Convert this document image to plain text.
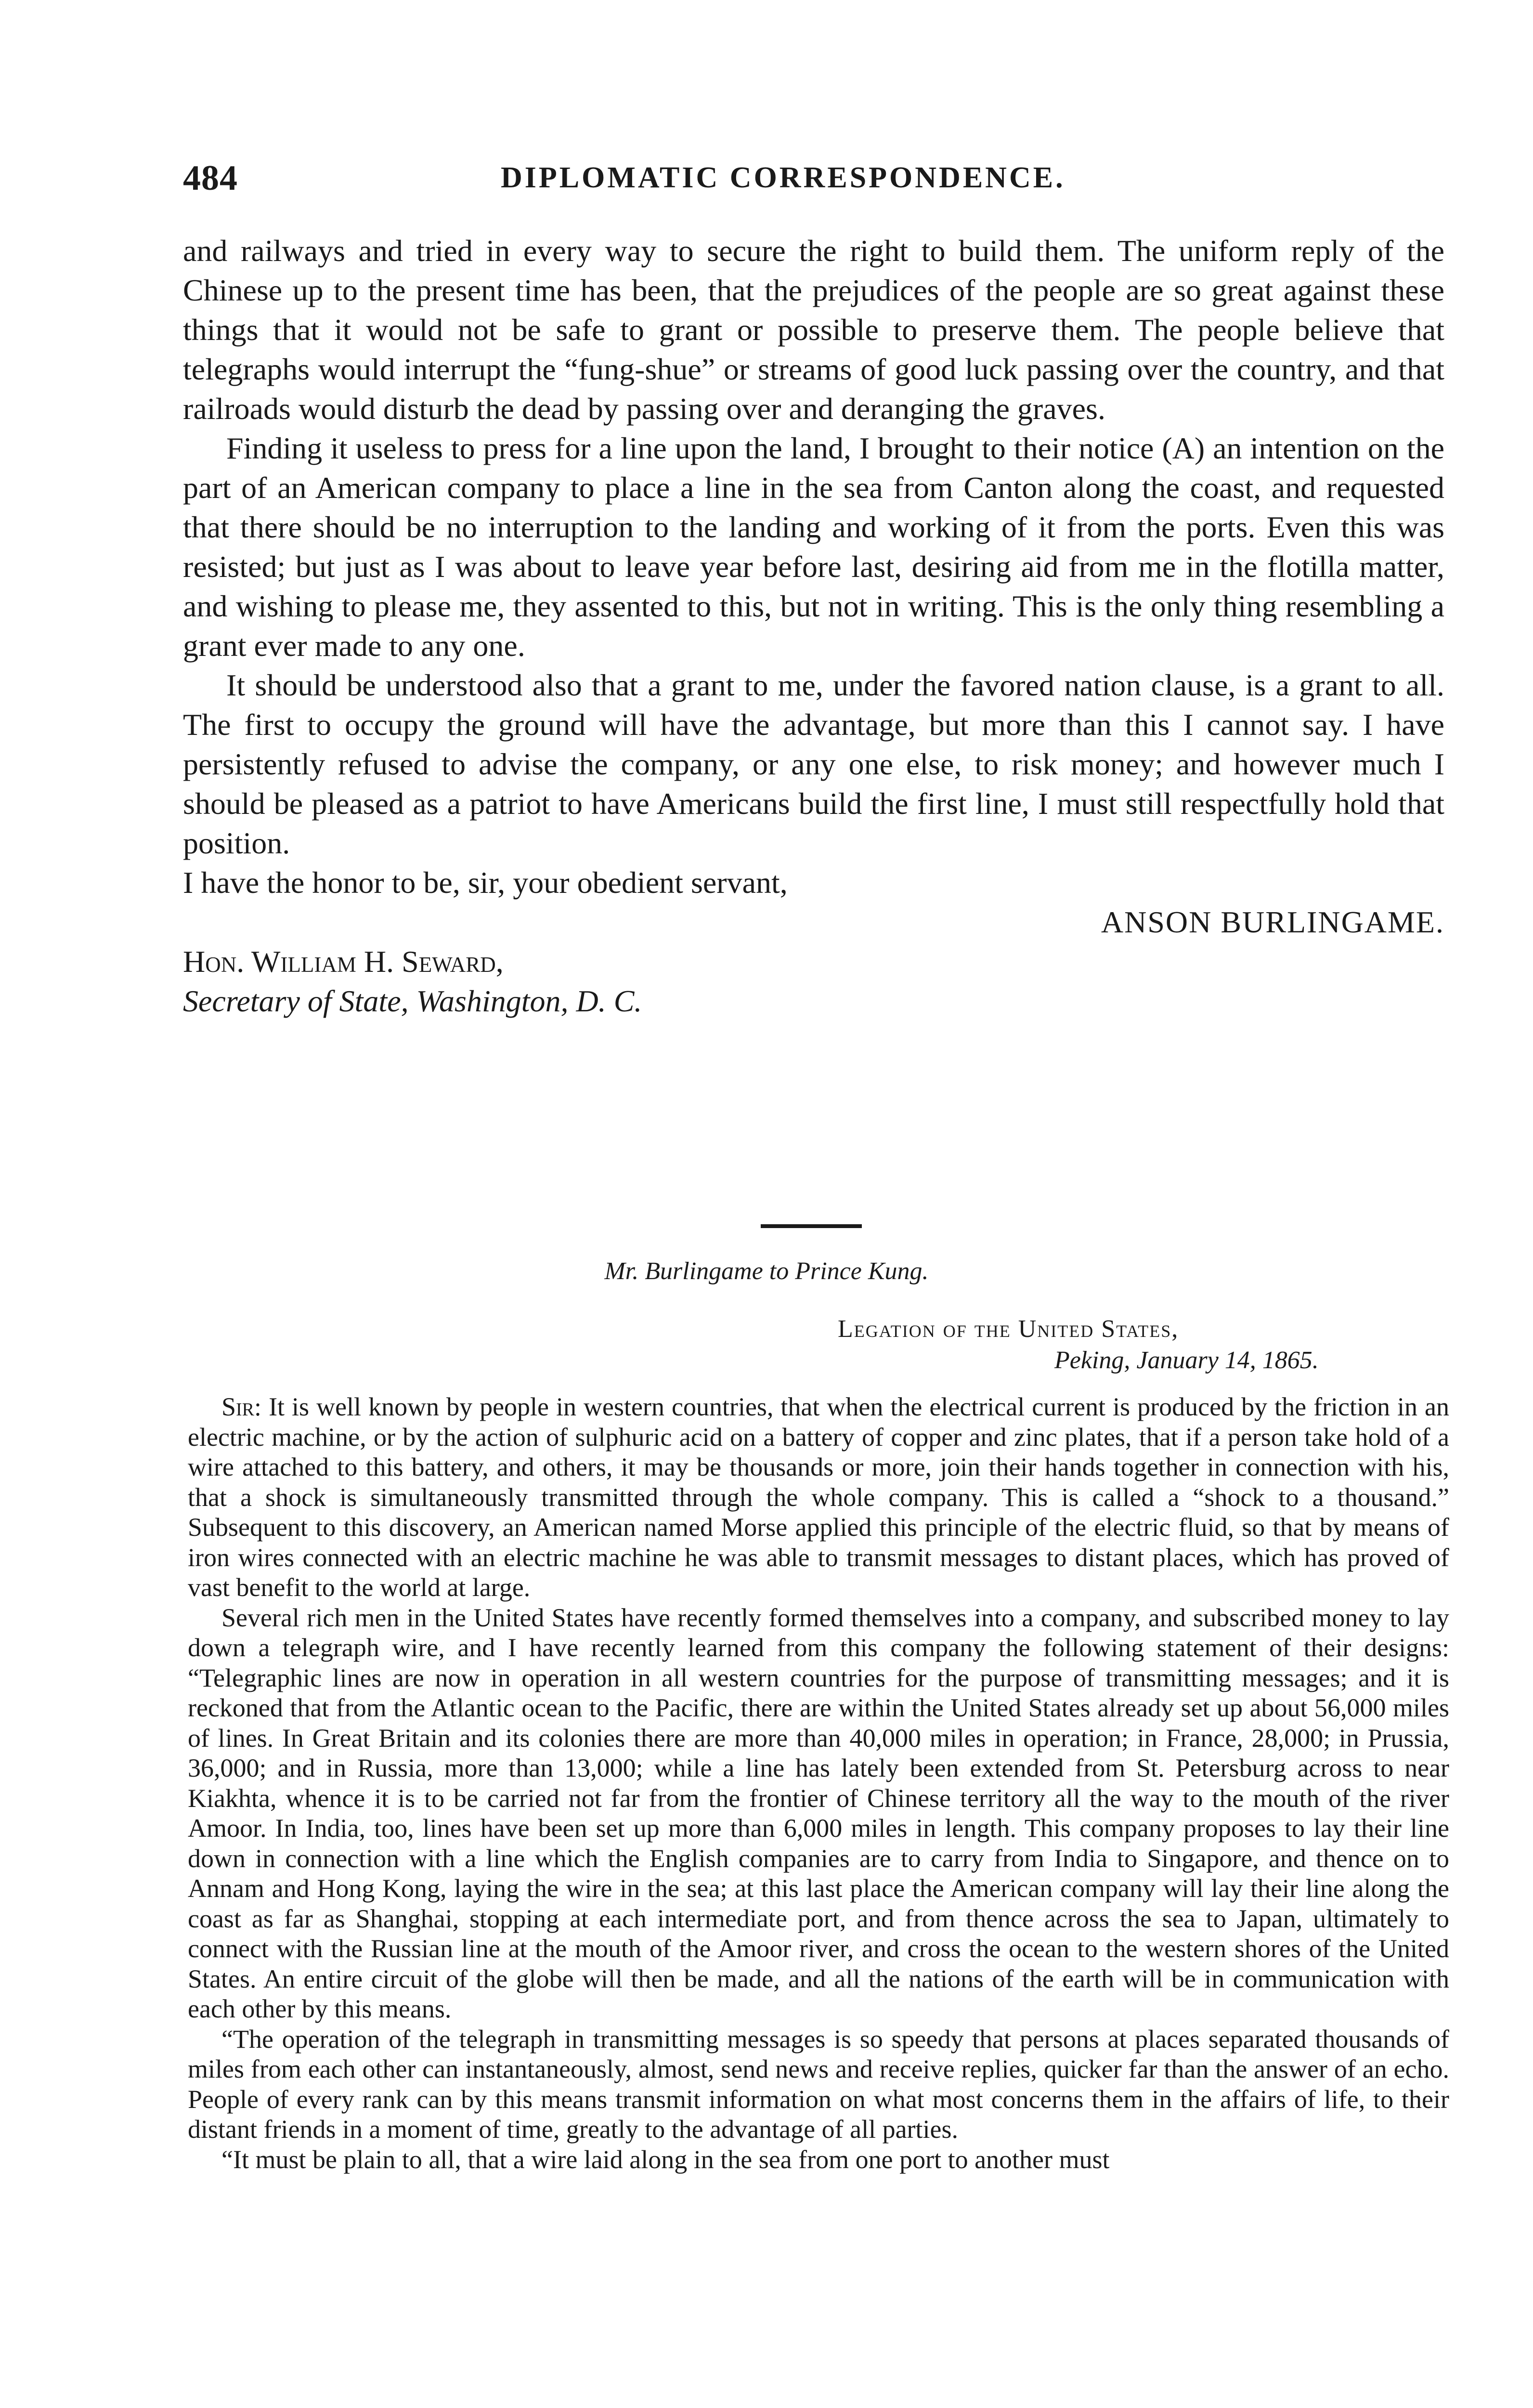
484	DIPLOMATIC CORRESPONDENCE.

and railways and tried in every way to secure the right to build them. The uniform reply of the Chinese up to the present time has been, that the prejudices of the people are so great against these things that it would not be safe to grant or possible to preserve them. The people believe that telegraphs would interrupt the “fung-shue” or streams of good luck passing over the country, and that railroads would disturb the dead by passing over and deranging the graves.

Finding it useless to press for a line upon the land, I brought to their notice (A) an intention on the part of an American company to place a line in the sea from Canton along the coast, and requested that there should be no interruption to the landing and working of it from the ports. Even this was resisted; but just as I was about to leave year before last, desiring aid from me in the flotilla matter, and wishing to please me, they assented to this, but not in writing. This is the only thing resembling a grant ever made to any one.

It should be understood also that a grant to me, under the favored nation clause, is a grant to all. The first to occupy the ground will have the advantage, but more than this I cannot say. I have persistently refused to advise the company, or any one else, to risk money; and however much I should be pleased as a patriot to have Americans build the first line, I must still respectfully hold that position.

I have the honor to be, sir, your obedient servant,

ANSON BURLINGAME.

Hon. William H. Seward,

Secretary of State, Washington, D. C.

Mr. Burlingame to Prince Kung.
Legation of the United States,
Peking, January 14, 1865.

Sir: It is well known by people in western countries, that when the electrical current is produced by the friction in an electric machine, or by the action of sulphuric acid on a battery of copper and zinc plates, that if a person take hold of a wire attached to this battery, and others, it may be thousands or more, join their hands together in connection with his, that a shock is simultaneously transmitted through the whole company. This is called a “shock to a thousand.” Subsequent to this discovery, an American named Morse applied this principle of the electric fluid, so that by means of iron wires connected with an electric machine he was able to transmit messages to distant places, which has proved of vast benefit to the world at large.

Several rich men in the United States have recently formed themselves into a company, and subscribed money to lay down a telegraph wire, and I have recently learned from this company the following statement of their designs: “Telegraphic lines are now in operation in all western countries for the purpose of transmitting messages; and it is reckoned that from the Atlantic ocean to the Pacific, there are within the United States already set up about 56,000 miles of lines. In Great Britain and its colonies there are more than 40,000 miles in operation; in France, 28,000; in Prussia, 36,000; and in Russia, more than 13,000; while a line has lately been extended from St. Petersburg across to near Kiakhta, whence it is to be carried not far from the frontier of Chinese territory all the way to the mouth of the river Amoor. In India, too, lines have been set up more than 6,000 miles in length. This company proposes to lay their line down in connection with a line which the English companies are to carry from India to Singapore, and thence on to Annam and Hong Kong, laying the wire in the sea; at this last place the American company will lay their line along the coast as far as Shanghai, stopping at each intermediate port, and from thence across the sea to Japan, ultimately to connect with the Russian line at the mouth of the Amoor river, and cross the ocean to the western shores of the United States. An entire circuit of the globe will then be made, and all the nations of the earth will be in communication with each other by this means.

“The operation of the telegraph in transmitting messages is so speedy that persons at places separated thousands of miles from each other can instantaneously, almost, send news and receive replies, quicker far than the answer of an echo. People of every rank can by this means transmit information on what most concerns them in the affairs of life, to their distant friends in a moment of time, greatly to the advantage of all parties.

“It must be plain to all, that a wire laid along in the sea from one port to another must
